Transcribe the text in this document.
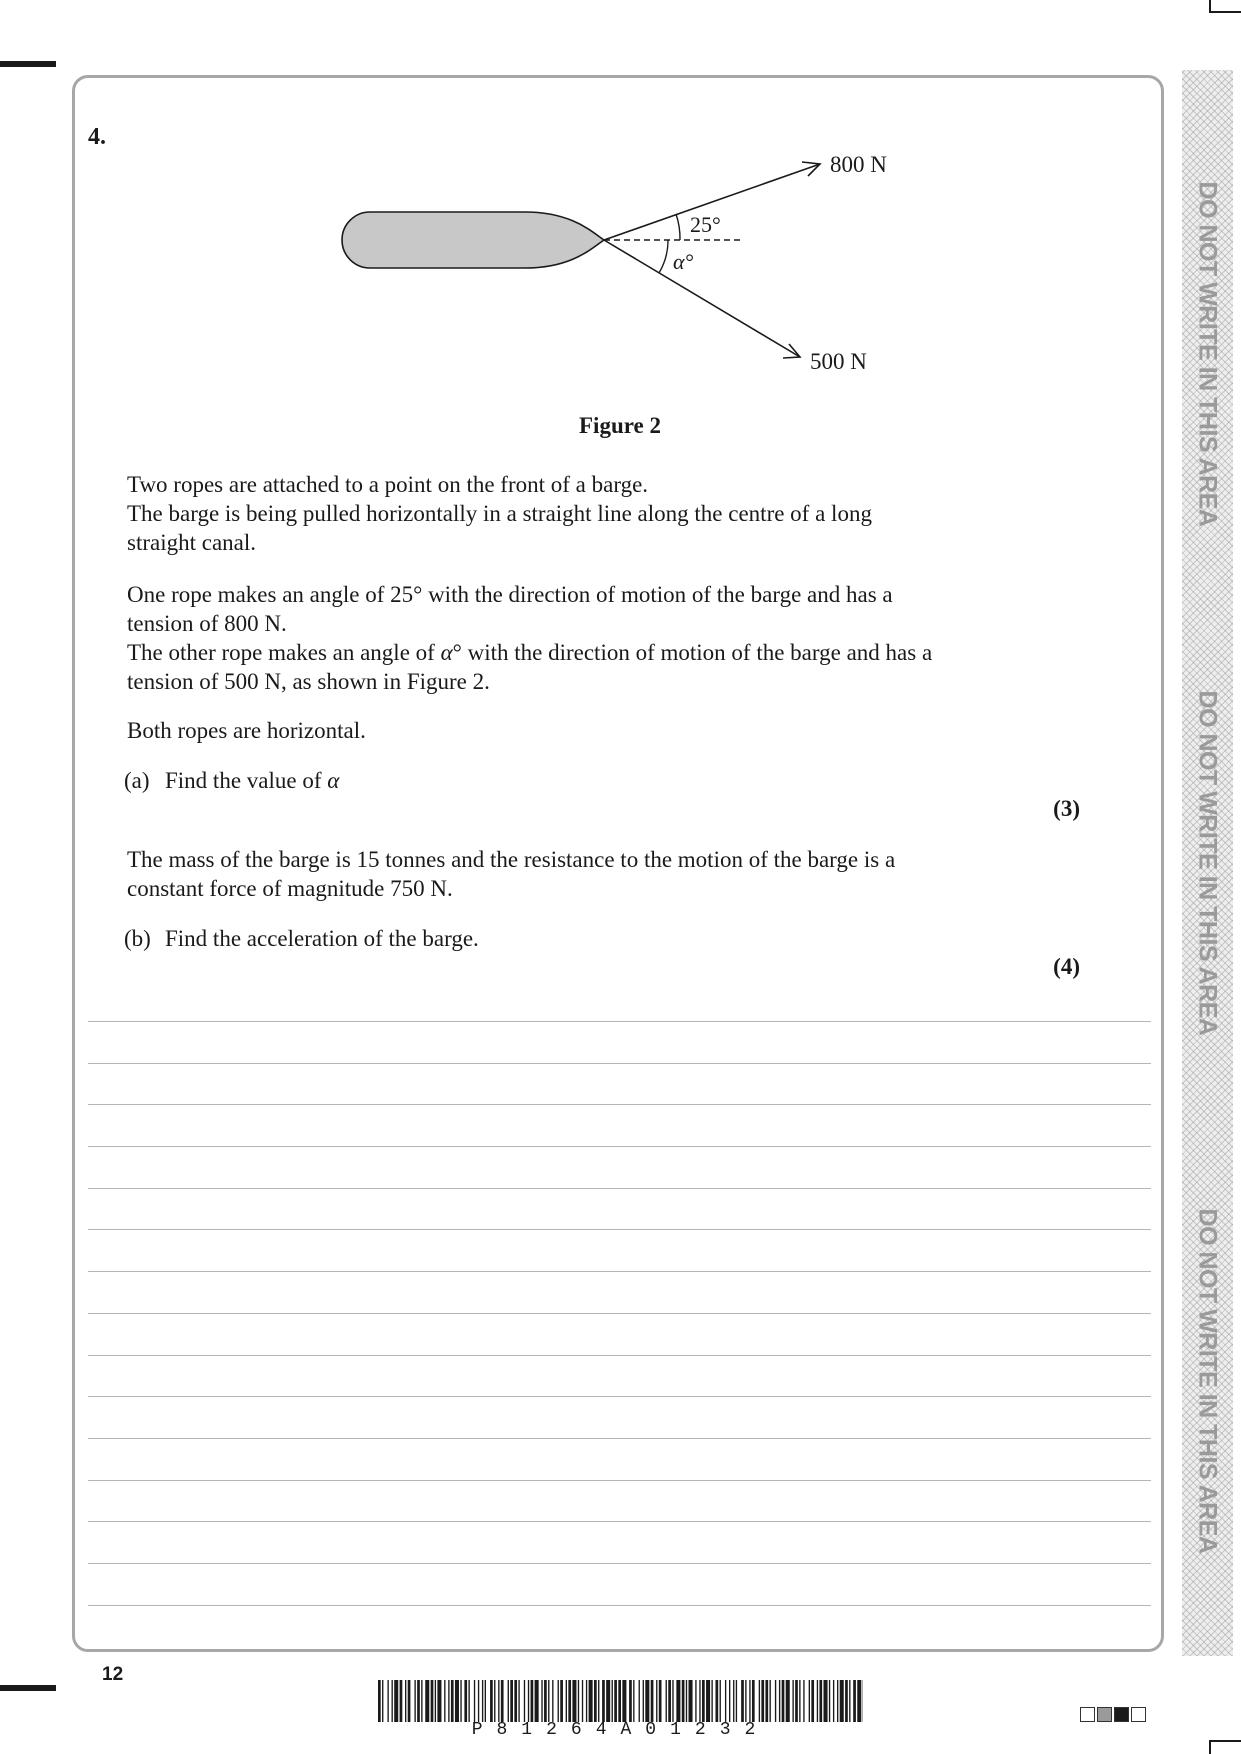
DO NOT WRITE IN THIS AREA
DO NOT WRITE IN THIS AREA
DO NOT WRITE IN THIS AREA
4.
800 N
500 N
25°
α°
Figure 2

Two ropes are attached to a point on the front of a barge.
The barge is being pulled horizontally in a straight line along the centre of a long
straight canal.

One rope makes an angle of 25° with the direction of motion of the barge and has a
tension of 800 N.
The other rope makes an angle of α° with the direction of motion of the barge and has a
tension of 500 N, as shown in Figure 2.

Both ropes are horizontal.

(a) Find the value of α

(3)

The mass of the barge is 15 tonnes and the resistance to the motion of the barge is a
constant force of magnitude 750 N.

(b) Find the acceleration of the barge.

(4)
12
P81264A01232
